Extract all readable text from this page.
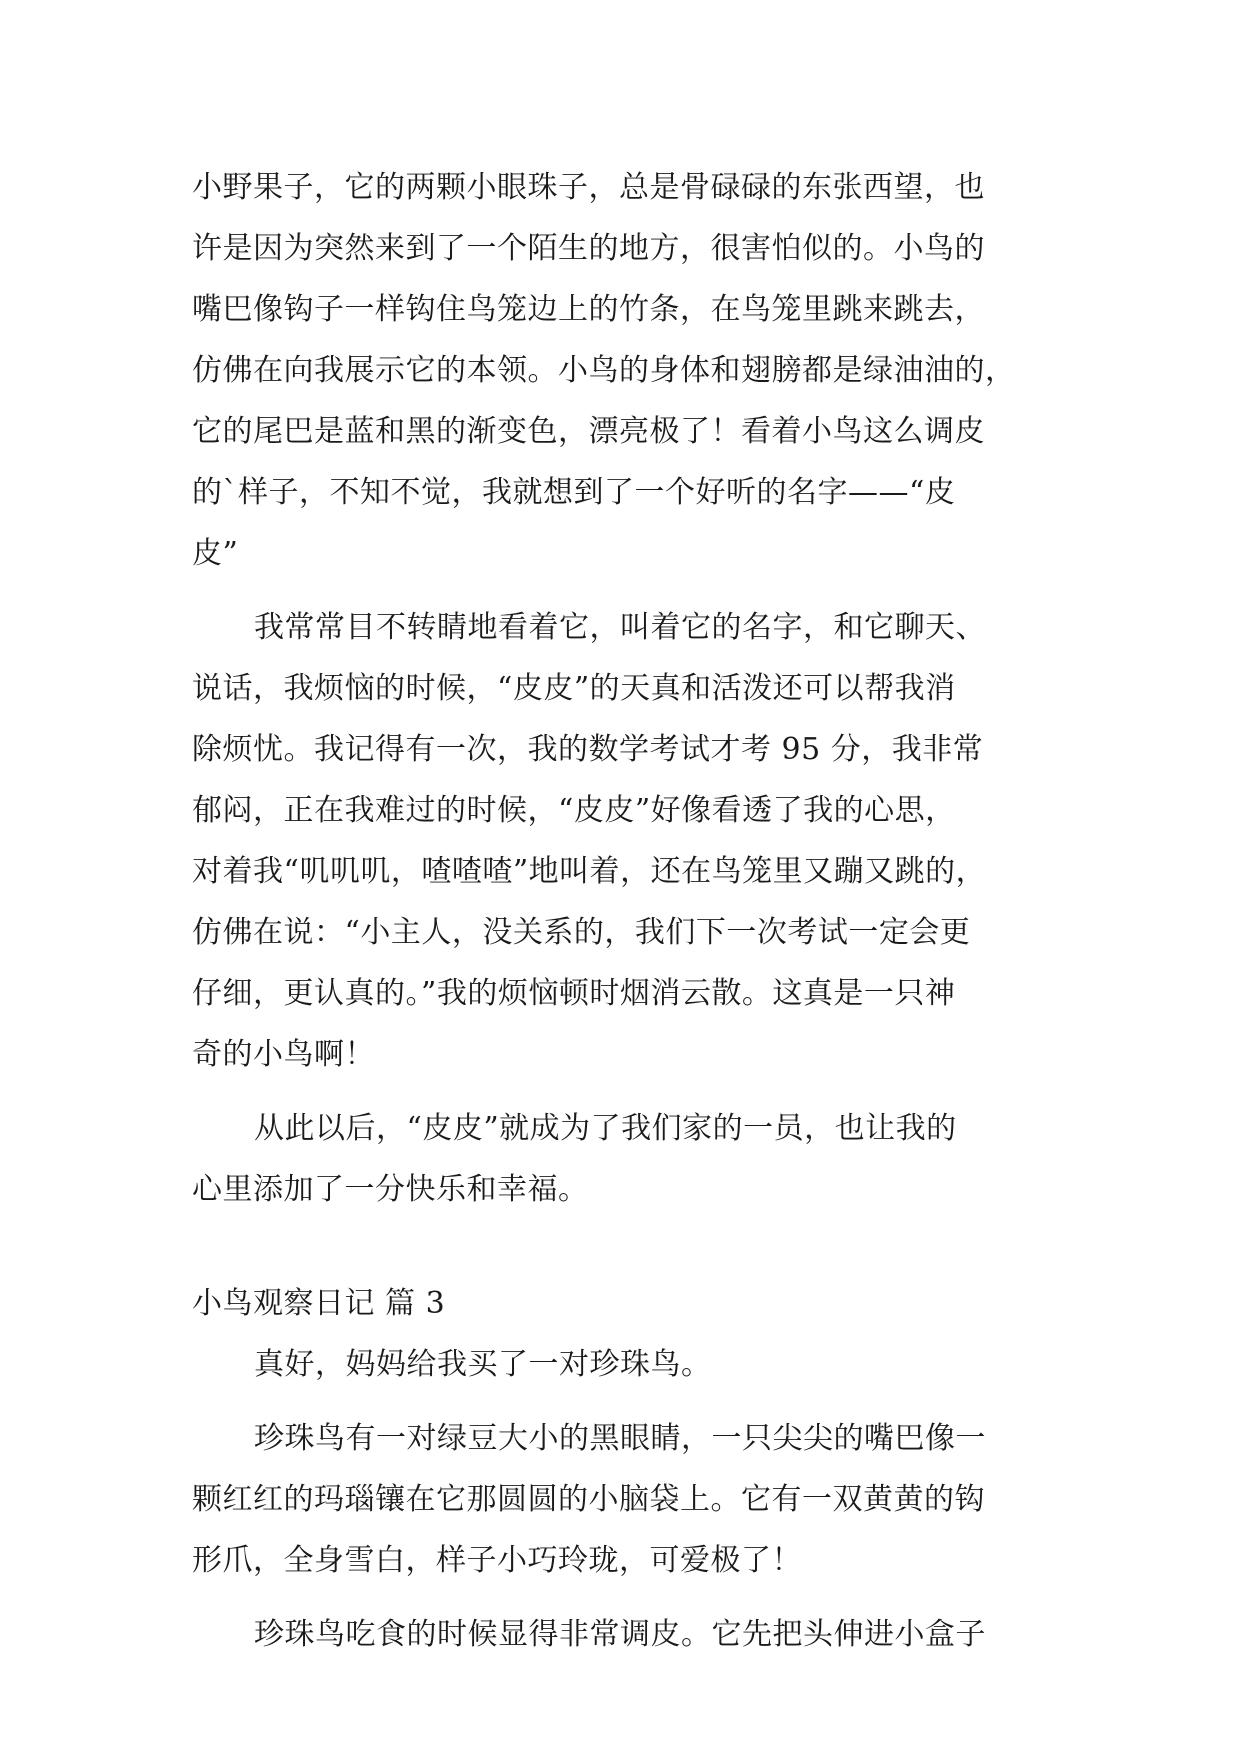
小野果子，它的两颗小眼珠子，总是骨碌碌的东张西望，也
许是因为突然来到了一个陌生的地方，很害怕似的。小鸟的
嘴巴像钩子一样钩住鸟笼边上的竹条，在鸟笼里跳来跳去，
仿佛在向我展示它的本领。小鸟的身体和翅膀都是绿油油的，
它的尾巴是蓝和黑的渐变色，漂亮极了！看着小鸟这么调皮
的`样子，不知不觉，我就想到了一个好听的名字——“皮
皮”
我常常目不转睛地看着它，叫着它的名字，和它聊天、
说话，我烦恼的时候，“皮皮”的天真和活泼还可以帮我消
除烦忧。我记得有一次，我的数学考试才考 95 分，我非常
郁闷，正在我难过的时候，“皮皮”好像看透了我的心思，
对着我“叽叽叽，喳喳喳”地叫着，还在鸟笼里又蹦又跳的，
仿佛在说：“小主人，没关系的，我们下一次考试一定会更
仔细，更认真的。”我的烦恼顿时烟消云散。这真是一只神
奇的小鸟啊！
从此以后，“皮皮”就成为了我们家的一员，也让我的
心里添加了一分快乐和幸福。
小鸟观察日记 篇 3
真好，妈妈给我买了一对珍珠鸟。
珍珠鸟有一对绿豆大小的黑眼睛，一只尖尖的嘴巴像一
颗红红的玛瑙镶在它那圆圆的小脑袋上。它有一双黄黄的钩
形爪，全身雪白，样子小巧玲珑，可爱极了！
珍珠鸟吃食的时候显得非常调皮。它先把头伸进小盒子
